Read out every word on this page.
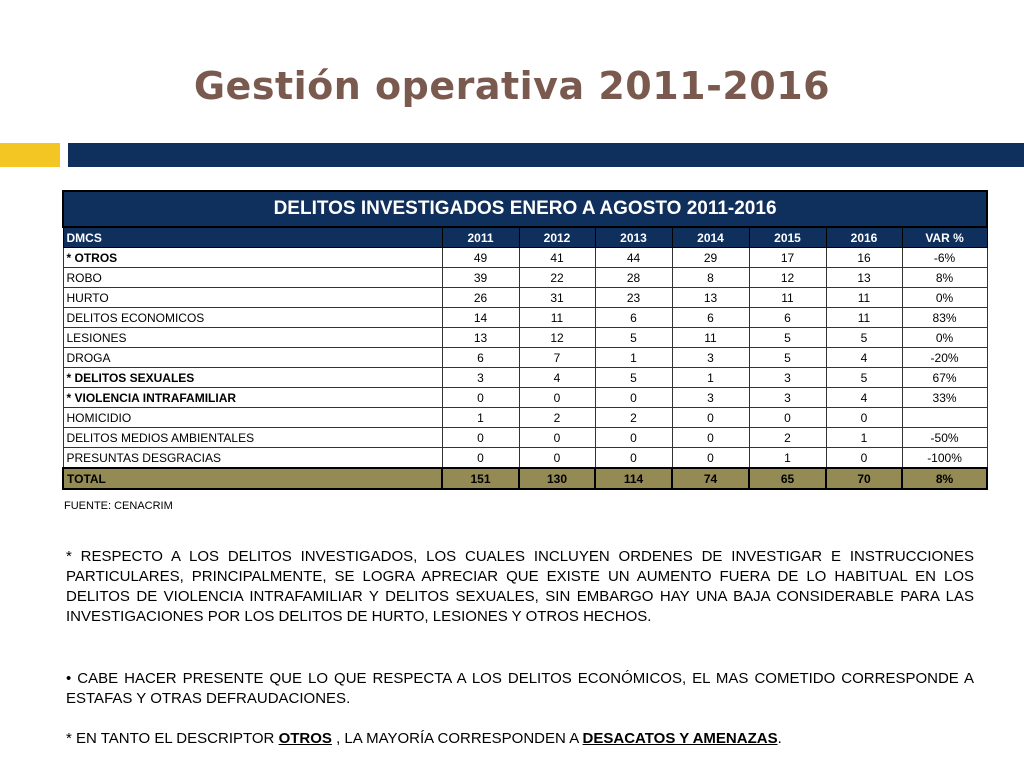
Gestión operativa 2011-2016
DELITOS INVESTIGADOS ENERO A AGOSTO 2011-2016							
DMCS	2011	2012	2013	2014	2015	2016	VAR %
* OTROS	49	41	44	29	17	16	-6%
ROBO	39	22	28	8	12	13	8%
HURTO	26	31	23	13	11	11	0%
DELITOS ECONOMICOS	14	11	6	6	6	11	83%
LESIONES	13	12	5	11	5	5	0%
DROGA	6	7	1	3	5	4	-20%
* DELITOS SEXUALES	3	4	5	1	3	5	67%
* VIOLENCIA INTRAFAMILIAR	0	0	0	3	3	4	33%
HOMICIDIO	1	2	2	0	0	0	
DELITOS MEDIOS AMBIENTALES	0	0	0	0	2	1	-50%
PRESUNTAS DESGRACIAS	0	0	0	0	1	0	-100%
TOTAL	151	130	114	74	65	70	8%
FUENTE: CENACRIM
* RESPECTO A LOS DELITOS INVESTIGADOS, LOS CUALES INCLUYEN ORDENES DE INVESTIGAR E INSTRUCCIONES PARTICULARES, PRINCIPALMENTE, SE LOGRA APRECIAR QUE EXISTE UN AUMENTO FUERA DE LO HABITUAL EN LOS DELITOS DE VIOLENCIA INTRAFAMILIAR Y DELITOS SEXUALES, SIN EMBARGO HAY UNA BAJA CONSIDERABLE PARA LAS INVESTIGACIONES POR LOS DELITOS DE HURTO, LESIONES Y OTROS HECHOS.
• CABE HACER PRESENTE QUE LO QUE RESPECTA A LOS DELITOS ECONÓMICOS, EL MAS COMETIDO CORRESPONDE A ESTAFAS Y OTRAS DEFRAUDACIONES.
* EN TANTO EL DESCRIPTOR OTROS , LA MAYORÍA CORRESPONDEN A DESACATOS Y AMENAZAS.
